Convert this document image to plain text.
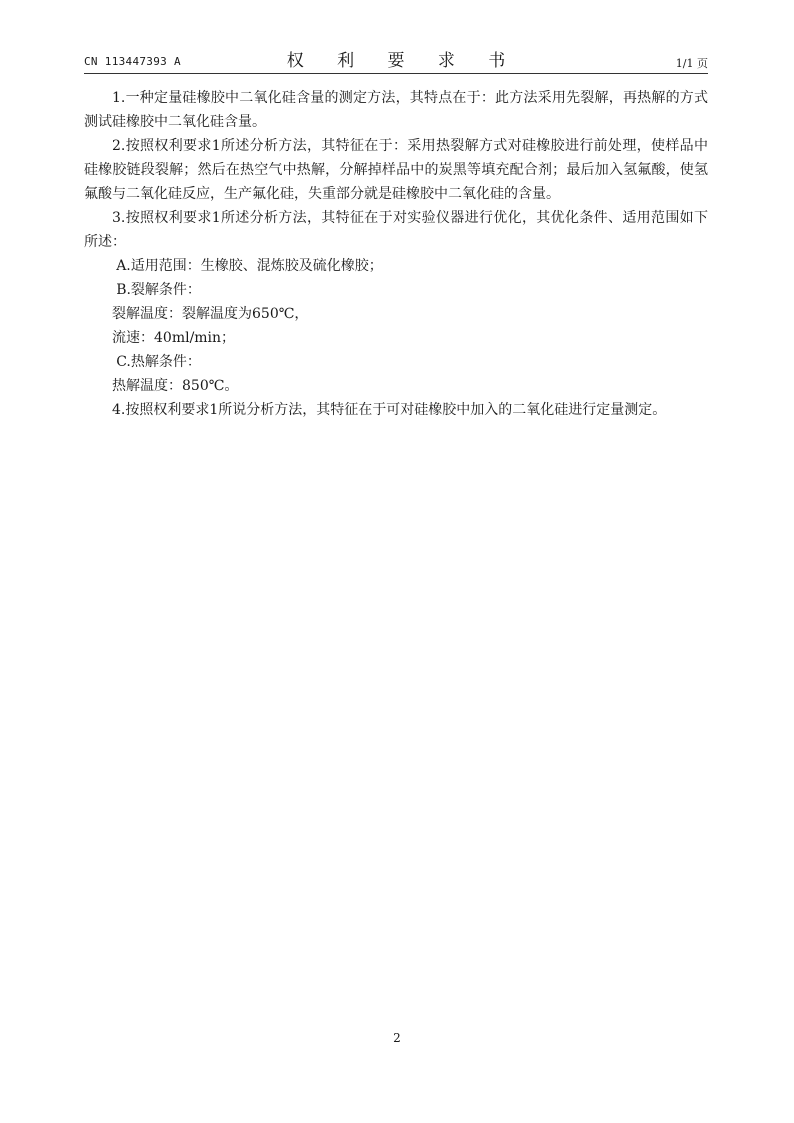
CN 113447393 A	权 利 要 求 书	1/1 页

1.一种定量硅橡胶中二氧化硅含量的测定方法，其特点在于：此方法采用先裂解，再热解的方式测试硅橡胶中二氧化硅含量。

2.按照权利要求1所述分析方法，其特征在于：采用热裂解方式对硅橡胶进行前处理，使样品中硅橡胶链段裂解；然后在热空气中热解，分解掉样品中的炭黑等填充配合剂；最后加入氢氟酸，使氢氟酸与二氧化硅反应，生产氟化硅，失重部分就是硅橡胶中二氧化硅的含量。

3.按照权利要求1所述分析方法，其特征在于对实验仪器进行优化，其优化条件、适用范围如下所述：

A.适用范围：生橡胶、混炼胶及硫化橡胶；

B.裂解条件：

裂解温度：裂解温度为650℃，

流速：40ml/min；

C.热解条件：

热解温度：850℃。

4.按照权利要求1所说分析方法，其特征在于可对硅橡胶中加入的二氧化硅进行定量测定。

2
